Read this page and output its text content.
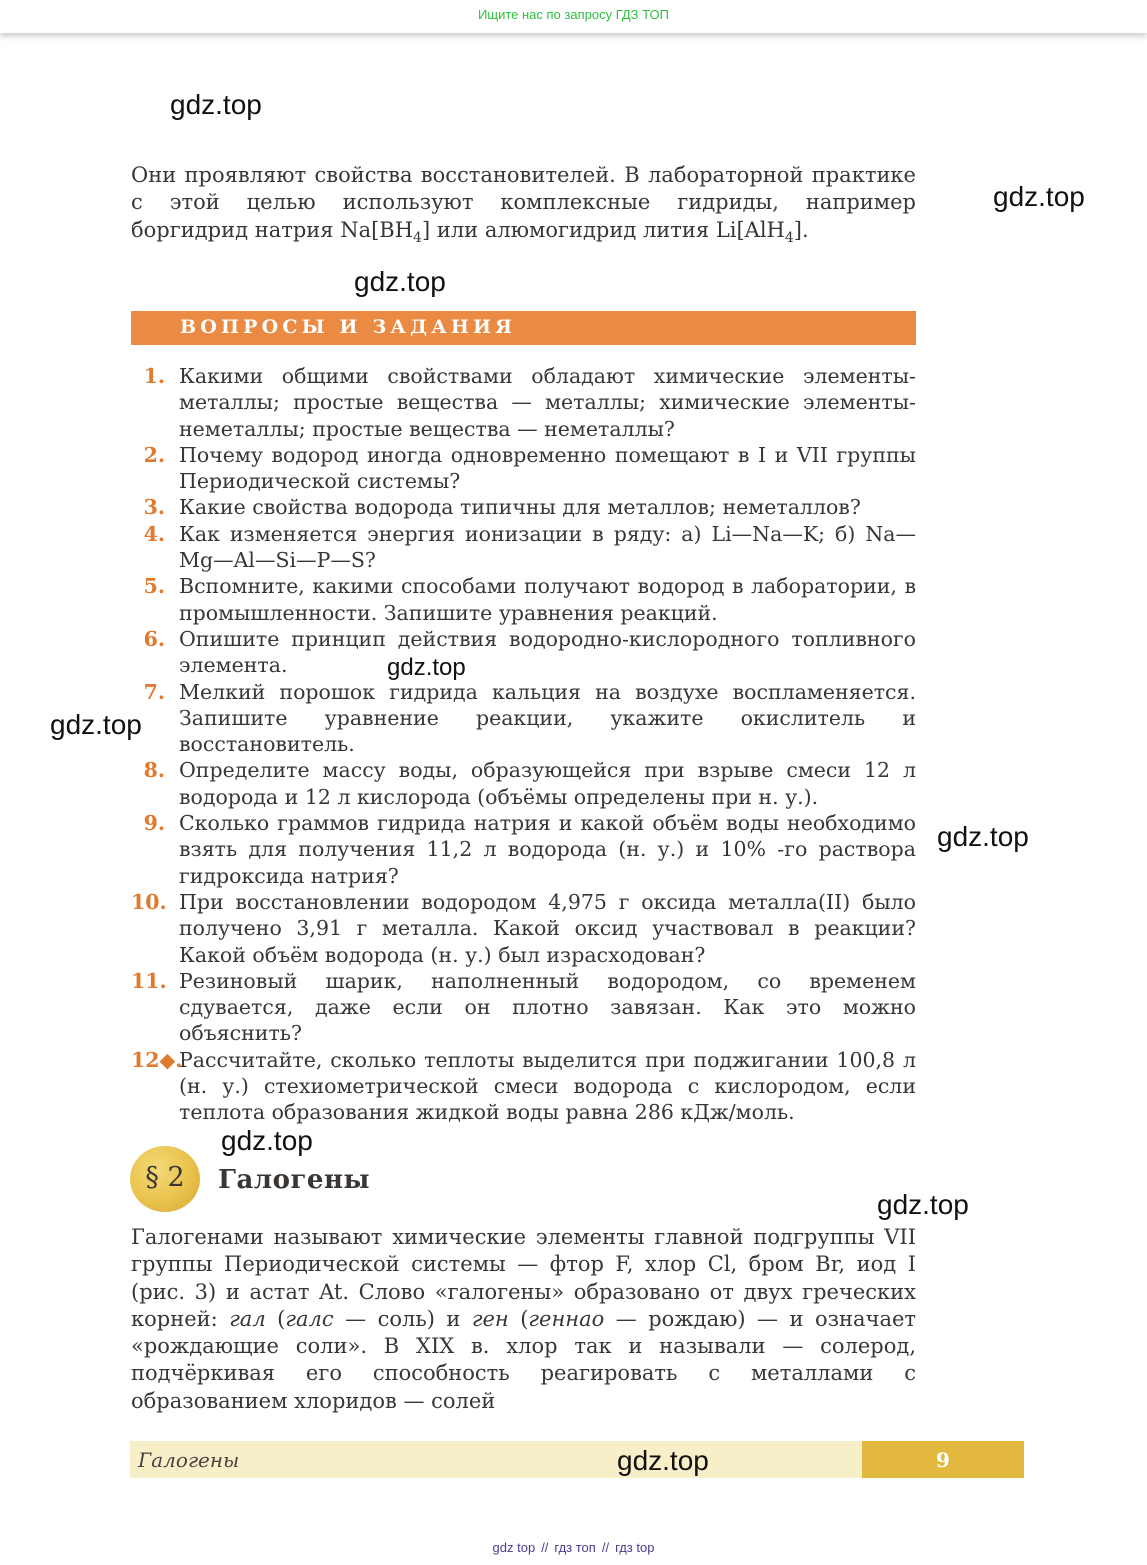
Ищите нас по запросу ГДЗ ТОП
gdz.top
gdz.top

Они проявляют свойства восстановителей. В лабораторной практике с этой целью используют комплексные гидриды, например боргидрид натрия $Na[BH_4]$ или алюмогидрид лития Li[AlH$_4$].

gdz.top
ВОПРОСЫ И ЗАДАНИЯ
1. Какими общими свойствами обладают химические элементы-металлы; простые вещества — металлы; химические элементы-неметаллы; простые вещества — неметаллы?
2. Почему водород иногда одновременно помещают в I и VII группы Периодической системы?
3. Какие свойства водорода типичны для металлов; неметаллов?
4. Как изменяется энергия ионизации в ряду: а) Li—Na—K; б) Na—Mg—Al—Si—P—S?
5. Вспомните, какими способами получают водород в лаборатории, в промышленности. Запишите уравнения реакций.
6. Опишите принцип действия водородно-кислородного топливного элемента.
7. Мелкий порошок гидрида кальция на воздухе воспламеняется. Запишите уравнение реакции, укажите окислитель и восстановитель.
8. Определите массу воды, образующейся при взрыве смеси 12 л водорода и 12 л кислорода (объёмы определены при н. у.).
9. Сколько граммов гидрида натрия и какой объём воды необходимо взять для получения 11,2 л водорода (н. у.) и 10% -го раствора гидроксида натрия?
10. При восстановлении водородом 4,975 г оксида металла(II) было получено 3,91 г металла. Какой оксид участвовал в реакции? Какой объём водорода (н. у.) был израсходован?
11. Резиновый шарик, наполненный водородом, со временем сдувается, даже если он плотно завязан. Как это можно объяснить?
12◆.
Рассчитайте, сколько теплоты выделится при поджигании 100,8 л (н. у.) стехиометрической смеси водорода с кислородом, если теплота образования жидкой воды равна 286 кДж/моль.
gdz.top
gdz.top
gdz.top
gdz.top
§ 2	Галогены
gdz.top

Галогенами называют химические элементы главной подгруппы VII группы Периодической системы — фтор F, хлор Cl, бром Br, иод I (рис. 3) и астат At. Слово «галогены» образовано от двух греческих корней: гал (галс — соль) и ген (геннао — рождаю) — и означает «рождающие соли». В XIX в. хлор так и называли — солерод, подчёркивая его способность реагировать с металлами с образованием хлоридов — солей

Галогены	9
gdz.top
gdz top // гдз топ // гдз top
